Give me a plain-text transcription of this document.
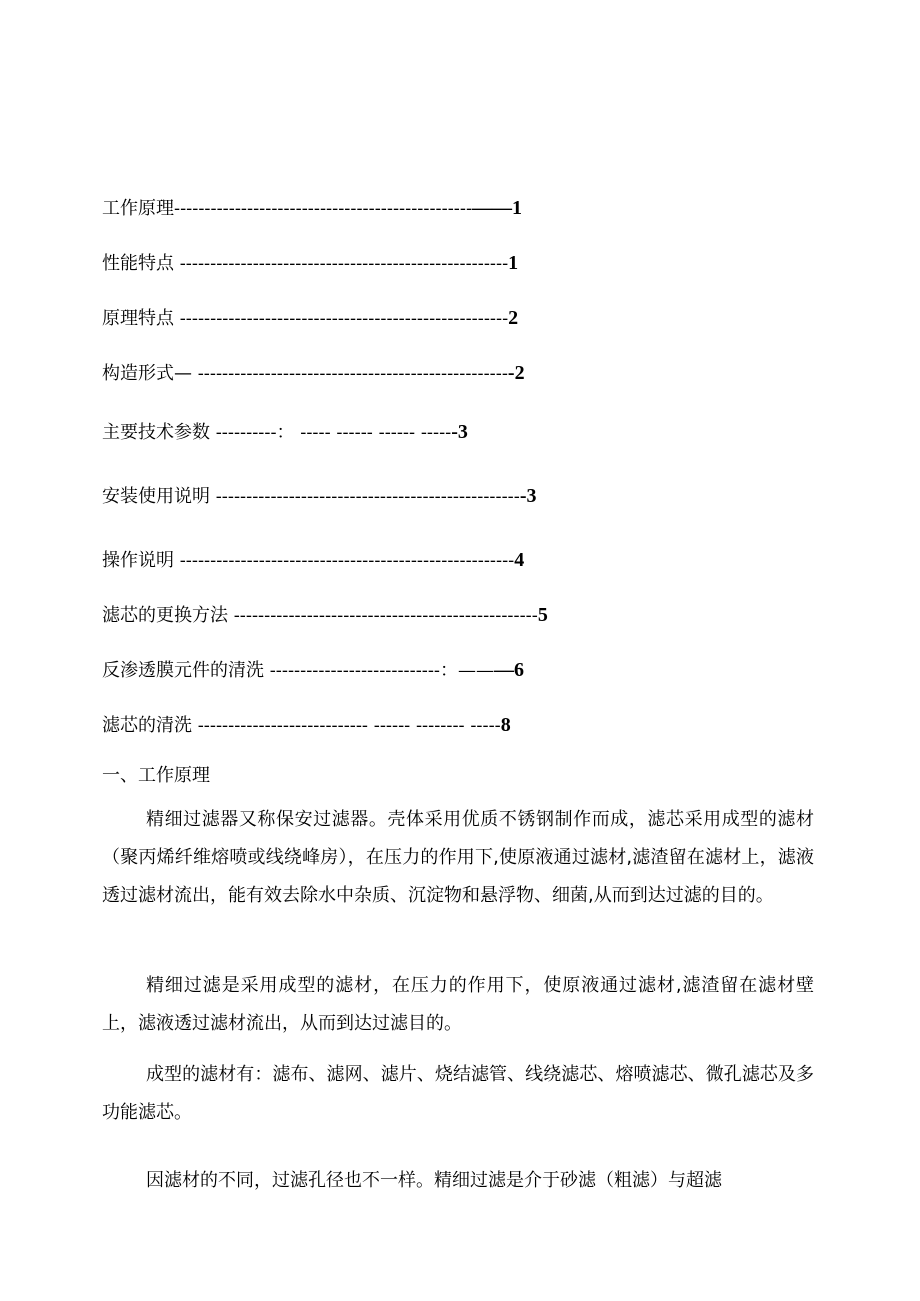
工作原理-------------------------------------------------——1
性能特点 ------------------------------------------------------1
原理特点 ------------------------------------------------------2
构造形式— ----------------------------------------------------2
主要技术参数 ----------： ----- ------ ------ ------3
安装使用说明 ---------------------------------------------------3
操作说明 -------------------------------------------------------4
滤芯的更换方法 --------------------------------------------------5
反渗透膜元件的清洗 ----------------------------：———6
滤芯的清洗 ---------------------------- ------ -------- -----8
一、工作原理

精细过滤器又称保安过滤器。壳体采用优质不锈钢制作而成，滤芯采用成型的滤材（聚丙烯纤维熔喷或线绕峰房），在压力的作用下,使原液通过滤材,滤渣留在滤材上，滤液透过滤材流出，能有效去除水中杂质、沉淀物和悬浮物、细菌,从而到达过滤的目的。

精细过滤是采用成型的滤材，在压力的作用下，使原液通过滤材,滤渣留在滤材壁上，滤液透过滤材流出，从而到达过滤目的。

成型的滤材有：滤布、滤网、滤片、烧结滤管、线绕滤芯、熔喷滤芯、微孔滤芯及多功能滤芯。

因滤材的不同，过滤孔径也不一样。精细过滤是介于砂滤（粗滤）与超滤
